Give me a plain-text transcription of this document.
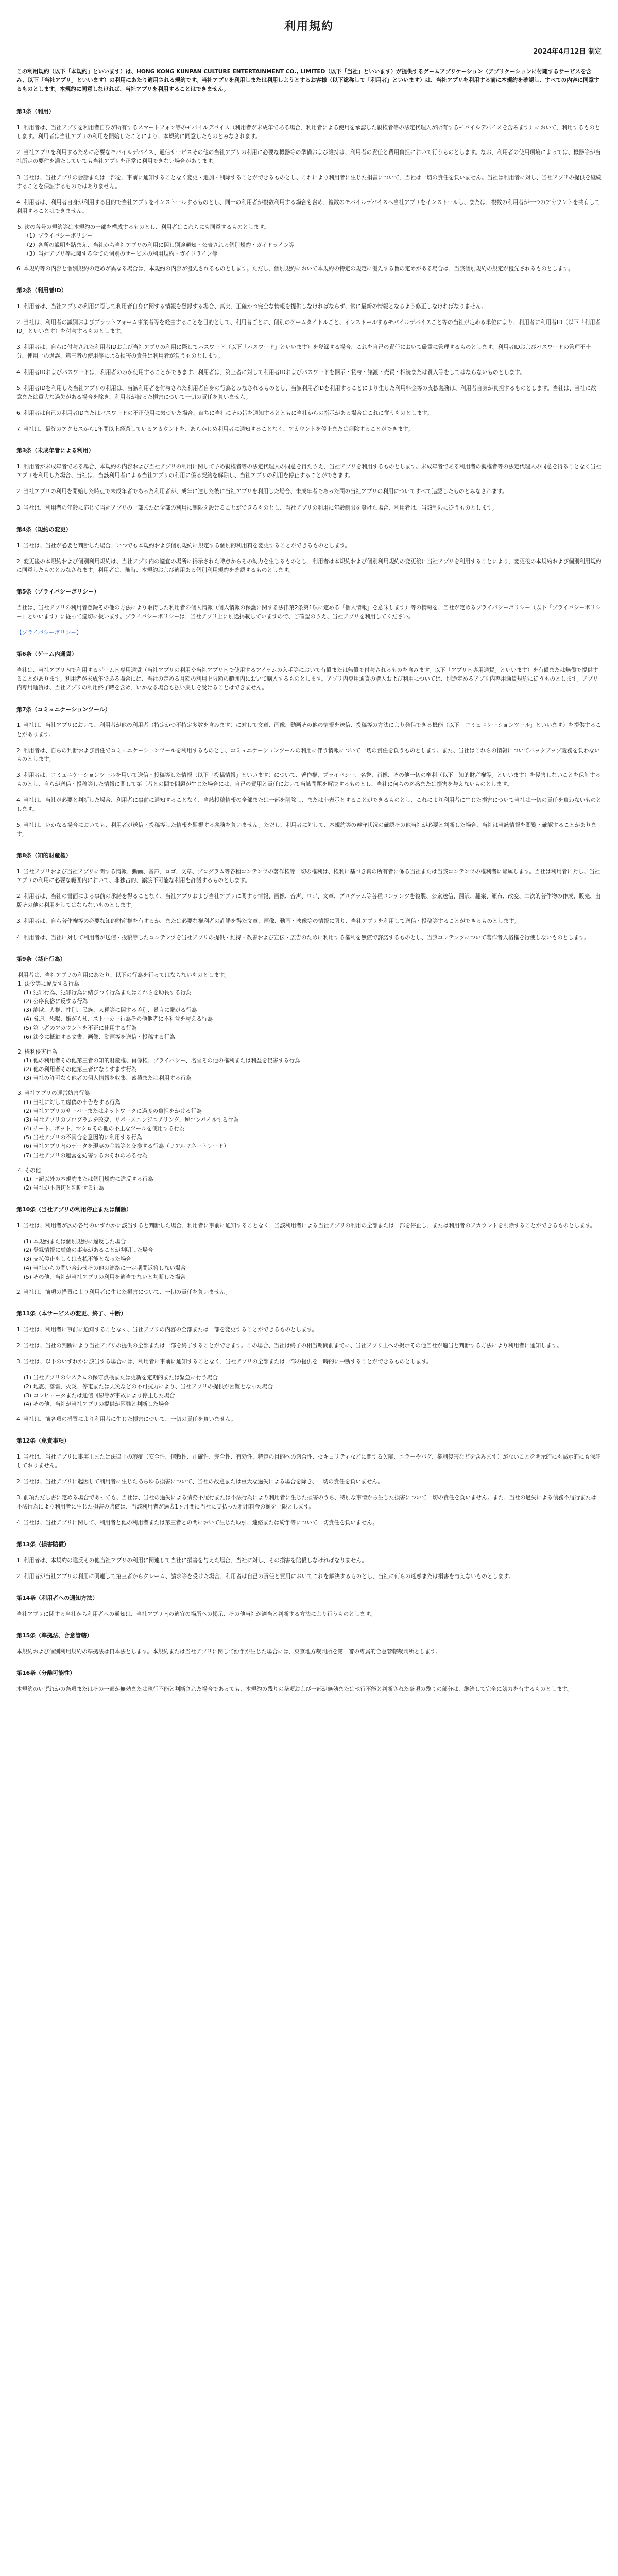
利用規約
2024年4月12日 制定
この利用規約（以下「本規約」といいます）は、HONG KONG KUNPAN CULTURE ENTERTAINMENT CO., LIMITED（以下「当社」といいます）が提供するゲームアプリケーション（アプリケーションに付随するサービスを含み、以下「当社アプリ」といいます）の利用にあたり適用される規約です。当社アプリを利用しまたは利用しようとするお客様（以下総称して「利用者」といいます）は、当社アプリを利用する前に本規約を確認し、すべての内容に同意するものとします。本規約に同意しなければ、当社アプリを利用することはできません。
第1条（利用）
1. 利用者は、当社アプリを利用者自身が所有するスマートフォン等のモバイルデバイス（利用者が未成年である場合、利用者による使用を承認した親権者等の法定代理人が所有するモバイルデバイスを含みます）において、利用するものとします。利用者は当社アプリの利用を開始したことにより、本規約に同意したものとみなされます。
2. 当社アプリを利用するために必要なモバイルデバイス、通信サービスその他の当社アプリの利用に必要な機器等の準備および維持は、利用者の責任と費用負担において行うものとします。なお、利用者の使用環境によっては、機器等が当社所定の要件を満たしていても当社アプリを正常に利用できない場合があります。
3. 当社は、当社アプリの会話または一部を、事前に通知することなく変更・追加・削除することができるものとし、これにより利用者に生じた損害について、当社は一切の責任を負いません。当社は利用者に対し、当社アプリの提供を継続することを保証するものではありません。
4. 利用者は、利用者自身が利用する目的で当社アプリをインストールするものとし、同一の利用者が複数利用する場合も含め、複数のモバイルデバイスへ当社アプリをインストールし、または、複数の利用者が一つのアカウントを共有して利用することはできません。
5. 次の各号の規約等は本規約の一部を構成するものとし、利用者はこれらにも同意するものとします。
（1）プライバシーポリシー
（2）各所の説明を踏まえ、当社から当社アプリの利用に関し別途通知・公表される個別規約・ガイドライン等
（3）当社アプリ等に関する全ての個別のサービスの利用規約・ガイドライン等
6. 本規約等の内容と個別規約の定めが異なる場合は、本規約の内容が優先されるものとします。ただし、個別規約において本規約の特定の規定に優先する旨の定めがある場合は、当該個別規約の規定が優先されるものとします。
第2条（利用者ID）
1. 利用者は、当社アプリの利用に際して利用者自身に関する情報を登録する場合、真実、正確かつ完全な情報を提供しなければならず、常に最新の情報となるよう修正しなければなりません。
2. 当社は、利用者の識別およびプラットフォーム事業者等を経由することを目的として、利用者ごとに、個別のゲームタイトルごと、インストールするモバイルデバイスごと等の当社が定める単位により、利用者に利用者ID（以下「利用者ID」といいます）を付与するものとします。
3. 利用者は、自らに付与された利用者IDおよび当社アプリの利用に際してパスワード（以下「パスワード」といいます）を登録する場合、これを自己の責任において厳重に管理するものとします。利用者IDおよびパスワードの管理不十分、使用上の過誤、第三者の使用等による損害の責任は利用者が負うものとします。
4. 利用者IDおよびパスワードは、利用者のみが使用することができます。利用者は、第三者に対して利用者IDおよびパスワードを開示・貸与・譲渡・売買・相続または質入等をしてはならないものとします。
5. 利用者IDを利用した当社アプリの利用は、当該利用者を付与された利用者自身の行為とみなされるものとし、当該利用者IDを利用することにより生じた利用料金等の支払義務は、利用者自身が負担するものとします。当社は、当社に故意または重大な過失がある場合を除き、利用者が被った損害について一切の責任を負いません。
6. 利用者は自己の利用者IDまたはパスワードの不正使用に気づいた場合、直ちに当社にその旨を通知するとともに当社からの指示がある場合はこれに従うものとします。
7. 当社は、最終のアクセスから1年間以上経過しているアカウントを、あらかじめ利用者に通知することなく、アカウントを停止または削除することができます。
第3条（未成年者による利用）
1. 利用者が未成年者である場合、本規約の内容および当社アプリの利用に関して予め親権者等の法定代理人の同意を得たうえ、当社アプリを利用するものとします。未成年者である利用者の親権者等の法定代理人の同意を得ることなく当社アプリを利用した場合、当社は、当該利用者による当社アプリの利用に係る契約を解除し、当社アプリの利用を停止することができます。
2. 当社アプリの利用を開始した時点で未成年者であった利用者が、成年に達した後に当社アプリを利用した場合、未成年者であった間の当社アプリの利用についてすべて追認したものとみなされます。
3. 当社は、利用者の年齢に応じて当社アプリの一部または全部の利用に制限を設けることができるものとし、当社アプリの利用に年齢制限を設けた場合、利用者は、当該制限に従うものとします。
第4条（規約の変更）
1. 当社は、当社が必要と判断した場合、いつでも本規約および個別規約に規定する個別的利用料を変更することができるものとします。
2. 変更後の本規約および個別利用規約は、当社アプリ内の適宜の場所に掲示された時点からその効力を生じるものとし、利用者は本規約および個別利用規約の変更後に当社アプリを利用することにより、変更後の本規約および個別利用規約に同意したものとみなされます。利用者は、随時、本規約および適用ある個別利用規約を確認するものとします。
第5条（プライバシーポリシー）
当社は、当社アプリの利用者登録その他の方法により取得した利用者の個人情報（個人情報の保護に関する法律第2条第1項に定める「個人情報」を意味します）等の情報を、当社が定めるプライバシーポリシー（以下「プライバシーポリシー」といいます）に従って適切に扱います。プライバシーポリシーは、当社アプリ上に別途掲載していますので、ご確認のうえ、当社アプリを利用してください。
【プライバシーポリシー】
第6条（ゲーム内通貨）
当社は、当社アプリ内で利用するゲーム内専用通貨（当社アプリの利用や当社アプリ内で使用するアイテムの入手等において有償または無償で付与されるものを含みます。以下「アプリ内専用通貨」といいます）を有償または無償で提供することがあります。利用者が未成年である場合には、当社の定める月額の利用上限額の範囲内において購入するものとします。アプリ内専用通貨の購入および利用については、別途定めるアプリ内専用通貨規約に従うものとします。アプリ内専用通貨は、当社アプリの利用終了時を含め、いかなる場合も払い戻しを受けることはできません。
第7条（コミュニケーションツール）
1. 当社は、当社アプリにおいて、利用者が他の利用者（特定かつ不特定多数を含みます）に対して文章、画像、動画その他の情報を送信、投稿等の方法により発信できる機能（以下「コミュニケーションツール」といいます）を提供することがあります。
2. 利用者は、自らの判断および責任でコミュニケーションツールを利用するものとし、コミュニケーションツールの利用に伴う情報について一切の責任を負うものとします。また、当社はこれらの情報についてバックアップ義務を負わないものとします。
3. 利用者は、コミュニケーションツールを用いて送信・投稿等した情報（以下「投稿情報」といいます）について、著作権、プライバシー、名誉、肖像、その他一切の権利（以下「知的財産権等」といいます）を侵害しないことを保証するものとし、自らが送信・投稿等した情報に関して第三者との間で問題が生じた場合には、自己の費用と責任において当該問題を解決するものとし、当社に何らの迷惑または損害を与えないものとします。
4. 当社は、当社が必要と判断した場合、利用者に事前に通知することなく、当該投稿情報の全部または一部を削除し、または非表示とすることができるものとし、これにより利用者に生じた損害について当社は一切の責任を負わないものとします。
5. 当社は、いかなる場合においても、利用者が送信・投稿等した情報を監視する義務を負いません。ただし、利用者に対して、本規約等の遵守状況の確認その他当社が必要と判断した場合、当社は当該情報を閲覧・確認することがあります。
第8条（知的財産権）
1. 当社アプリおよび当社アプリに関する情報、動画、音声、ロゴ、文章、プログラム等各種コンテンツの著作権等一切の権利は、権利に基づき真の所有者に係る当社または当該コンテンツの権利者に帰属します。当社は利用者に対し、当社アプリの利用に必要な範囲内において、非独占的、譲渡不可能な利用を許諾するものとします。
2. 利用者は、当社の書面による事前の承諾を得ることなく、当社アプリおよび当社アプリに関する情報、画像、音声、ロゴ、文章、プログラム等各種コンテンツを複製、公衆送信、翻訳、翻案、頒布、改変、二次的著作物の作成、販売、出版その他の利用をしてはならないものとします。
3. 利用者は、自ら著作権等の必要な知的財産権を有するか、または必要な権利者の許諾を得た文章、画像、動画・映像等の情報に限り、当社アプリを利用して送信・投稿等することができるものとします。
4. 利用者は、当社に対して利用者が送信・投稿等したコンテンツを当社アプリの提供・維持・改善および宣伝・広告のために利用する権利を無償で許諾するものとし、当該コンテンツについて著作者人格権を行使しないものとします。
第9条（禁止行為）
利用者は、当社アプリの利用にあたり、以下の行為を行ってはならないものとします。
1. 法令等に違反する行為
(1) 犯罪行為、犯罪行為に結びつく行為またはこれらを助長する行為
(2) 公序良俗に反する行為
(3) 詐欺、人権、性別、民族、人種等に関する差別、暴言に繋がる行為
(4) 脅迫、恐喝、嫌がらせ、ストーカー行為その他他者に不利益を与える行為
(5) 第三者のアカウントを不正に使用する行為
(6) 法令に抵触する文書、画像、動画等を送信・投稿する行為
2. 権利侵害行為
(1) 他の利用者その他第三者の知的財産権、肖像権、プライバシー、名誉その他の権利または利益を侵害する行為
(2) 他の利用者その他第三者になりすます行為
(3) 当社の許可なく他者の個人情報を収集、蓄積または利用する行為
3. 当社アプリの運営妨害行為
(1) 当社に対して虚偽の申告をする行為
(2) 当社アプリのサーバーまたはネットワークに過度の負担をかける行為
(3) 当社アプリのプログラムを改変、リバースエンジニアリング、逆コンパイルする行為
(4) チート、ボット、マクロその他の不正なツールを使用する行為
(5) 当社アプリの不具合を意図的に利用する行為
(6) 当社アプリ内のデータを現実の金銭等と交換する行為（リアルマネートレード）
(7) 当社アプリの運営を妨害するおそれのある行為
4. その他
(1) 上記以外の本規約または個別規約に違反する行為
(2) 当社が不適切と判断する行為
第10条（当社アプリの利用停止または削除）
1. 当社は、利用者が次の各号のいずれかに該当すると判断した場合、利用者に事前に通知することなく、当該利用者による当社アプリの利用の全部または一部を停止し、または利用者のアカウントを削除することができるものとします。
(1) 本規約または個別規約に違反した場合
(2) 登録情報に虚偽の事実があることが判明した場合
(3) 支払停止もしくは支払不能となった場合
(4) 当社からの問い合わせその他の連絡に一定期間返答しない場合
(5) その他、当社が当社アプリの利用を適当でないと判断した場合
2. 当社は、前項の措置により利用者に生じた損害について、一切の責任を負いません。
第11条（本サービスの変更、終了、中断）
1. 当社は、利用者に事前に通知することなく、当社アプリの内容の全部または一部を変更することができるものとします。
2. 当社は、当社の判断により当社アプリの提供の全部または一部を終了することができます。この場合、当社は終了の相当期間前までに、当社アプリ上への掲示その他当社が適当と判断する方法により利用者に通知します。
3. 当社は、以下のいずれかに該当する場合には、利用者に事前に通知することなく、当社アプリの全部または一部の提供を一時的に中断することができるものとします。
(1) 当社アプリのシステムの保守点検または更新を定期的または緊急に行う場合
(2) 地震、落雷、火災、停電または天災などの不可抗力により、当社アプリの提供が困難となった場合
(3) コンピュータまたは通信回線等が事故により停止した場合
(4) その他、当社が当社アプリの提供が困難と判断した場合
4. 当社は、前各項の措置により利用者に生じた損害について、一切の責任を負いません。
第12条（免責事項）
1. 当社は、当社アプリに事実上または法律上の瑕疵（安全性、信頼性、正確性、完全性、有効性、特定の目的への適合性、セキュリティなどに関する欠陥、エラーやバグ、権利侵害などを含みます）がないことを明示的にも黙示的にも保証しておりません。
2. 当社は、当社アプリに起因して利用者に生じたあらゆる損害について、当社の故意または重大な過失による場合を除き、一切の責任を負いません。
3. 前項ただし書に定める場合であっても、当社は、当社の過失による債務不履行または不法行為により利用者に生じた損害のうち、特別な事情から生じた損害について一切の責任を負いません。また、当社の過失による債務不履行または不法行為により利用者に生じた損害の賠償は、当該利用者が過去1ヶ月間に当社に支払った利用料金の額を上限とします。
4. 当社は、当社アプリに関して、利用者と他の利用者または第三者との間において生じた取引、連絡または紛争等について一切責任を負いません。
第13条（損害賠償）
1. 利用者は、本規約の違反その他当社アプリの利用に関連して当社に損害を与えた場合、当社に対し、その損害を賠償しなければなりません。
2. 利用者が当社アプリの利用に関連して第三者からクレーム、請求等を受けた場合、利用者は自己の責任と費用においてこれを解決するものとし、当社に何らの迷惑または損害を与えないものとします。
第14条（利用者への通知方法）
当社アプリに関する当社から利用者への通知は、当社アプリ内の適宜の場所への掲示、その他当社が適当と判断する方法により行うものとします。
第15条（準拠法、合意管轄）
本規約および個別利用規約の準拠法は日本法とします。本規約または当社アプリに関して紛争が生じた場合には、東京地方裁判所を第一審の専属的合意管轄裁判所とします。
第16条（分離可能性）
本規約のいずれかの条項またはその一部が無効または執行不能と判断された場合であっても、本規約の残りの条項および一部が無効または執行不能と判断された条項の残りの部分は、継続して完全に効力を有するものとします。
